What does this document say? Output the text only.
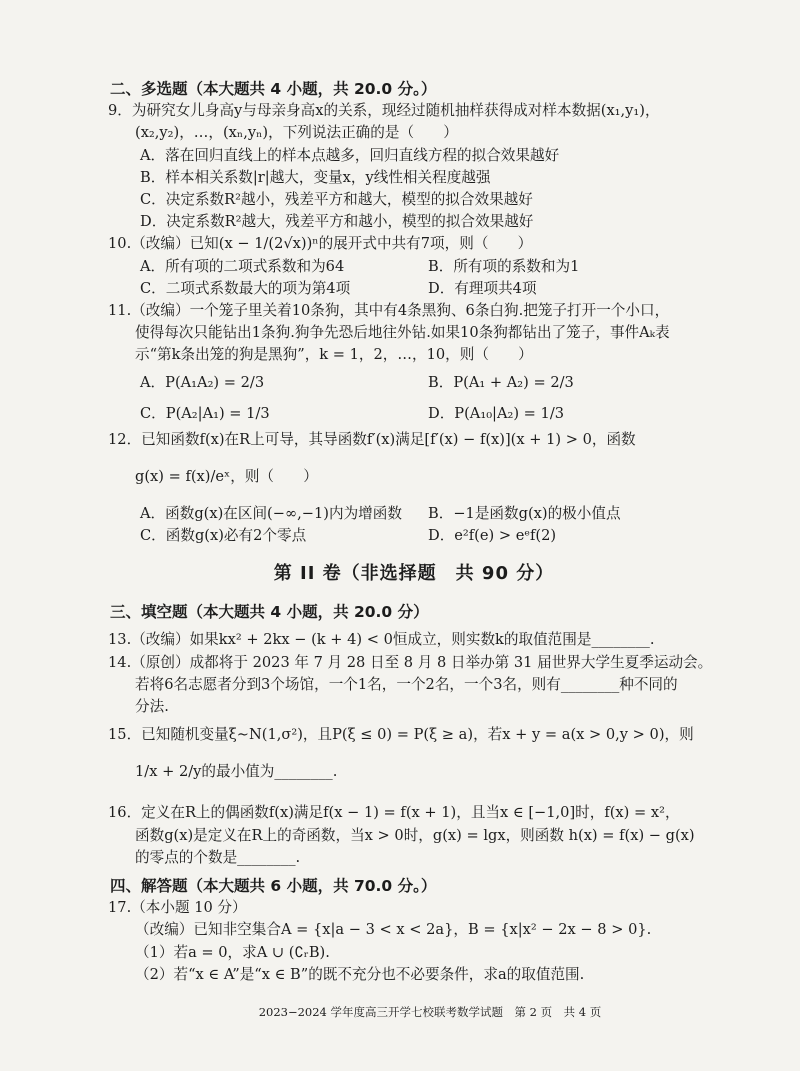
二、多选题（本大题共 4 小题，共 20.0 分。）
9．为研究女儿身高y与母亲身高x的关系，现经过随机抽样获得成对样本数据(x₁,y₁)，
(x₂,y₂)，…，(xₙ,yₙ)，下列说法正确的是（　　）
A．落在回归直线上的样本点越多，回归直线方程的拟合效果越好
B．样本相关系数|r|越大，变量x，y线性相关程度越强
C．决定系数R²越小，残差平方和越大，模型的拟合效果越好
D．决定系数R²越大，残差平方和越小，模型的拟合效果越好
10.（改编）已知(x − 1/(2√x))ⁿ的展开式中共有7项，则（　　）
A．所有项的二项式系数和为64	B．所有项的系数和为1
C．二项式系数最大的项为第4项	D．有理项共4项
11.（改编）一个笼子里关着10条狗，其中有4条黑狗、6条白狗.把笼子打开一个小口，
使得每次只能钻出1条狗.狗争先恐后地往外钻.如果10条狗都钻出了笼子，事件Aₖ表
示“第k条出笼的狗是黑狗”，k = 1，2，…，10，则（　　）
A．P(A₁A₂) = 2/3	B．P(A₁ + A₂) = 2/3
C．P(A₂|A₁) = 1/3	D．P(A₁₀|A₂) = 1/3
12．已知函数f(x)在R上可导，其导函数f′(x)满足[f′(x) − f(x)](x + 1) > 0，函数
g(x) = f(x)/eˣ，则（　　）
A．函数g(x)在区间(−∞,−1)内为增函数	B．−1是函数g(x)的极小值点
C．函数g(x)必有2个零点	D．e²f(e) > eᵉf(2)
第 II 卷（非选择题　共 90 分）
三、填空题（本大题共 4 小题，共 20.0 分）
13.（改编）如果kx² + 2kx − (k + 4) < 0恒成立，则实数k的取值范围是________.
14.（原创）成都将于 2023 年 7 月 28 日至 8 月 8 日举办第 31 届世界大学生夏季运动会。
若将6名志愿者分到3个场馆，一个1名，一个2名，一个3名，则有________种不同的
分法.
15．已知随机变量ξ∼N(1,σ²)，且P(ξ ≤ 0) = P(ξ ≥ a)，若x + y = a(x > 0,y > 0)，则
1/x + 2/y的最小值为________.
16．定义在R上的偶函数f(x)满足f(x − 1) = f(x + 1)，且当x ∈ [−1,0]时，f(x) = x²，
函数g(x)是定义在R上的奇函数，当x > 0时，g(x) = lgx，则函数 h(x) = f(x) − g(x)
的零点的个数是________.
四、解答题（本大题共 6 小题，共 70.0 分。）
17.（本小题 10 分）
（改编）已知非空集合A = {x|a − 3 < x < 2a}，B = {x|x² − 2x − 8 > 0}.
（1）若a = 0，求A ∪ (∁ᵣB).
（2）若“x ∈ A”是“x ∈ B”的既不充分也不必要条件，求a的取值范围.
2023−2024 学年度高三开学七校联考数学试题　第 2 页　共 4 页
